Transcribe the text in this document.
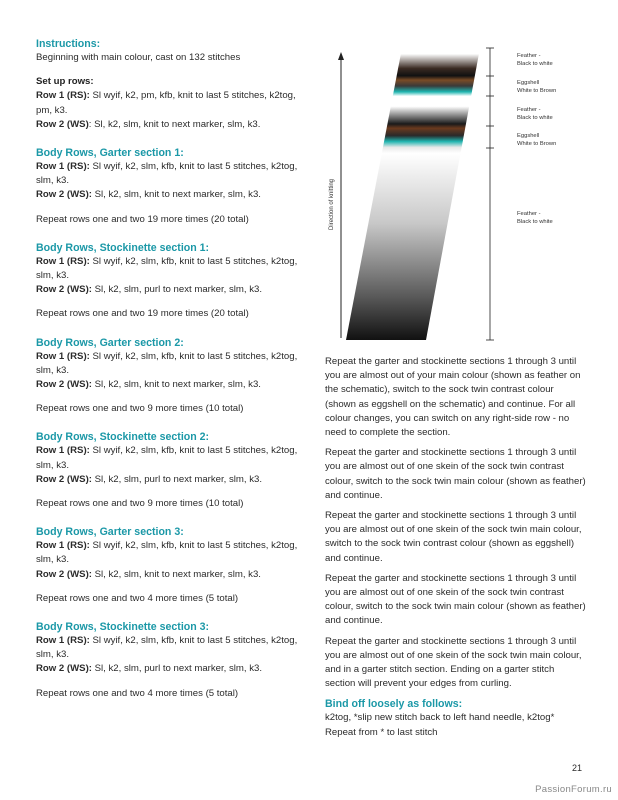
Instructions:

Beginning with main colour, cast on 132 stitches

Set up rows:

Row 1 (RS): Sl wyif, k2, pm, kfb, knit to last 5 stitches, k2tog, pm, k3.

Row 2 (WS): Sl, k2, slm, knit to next marker, slm, k3.

Body Rows, Garter section 1:

Row 1 (RS): Sl wyif, k2, slm, kfb, knit to last 5 stitches, k2tog, slm, k3.

Row 2 (WS): Sl, k2, slm, knit to next marker, slm, k3.

Repeat rows one and two 19 more times (20 total)

Body Rows, Stockinette section 1:

Row 1 (RS): Sl wyif, k2, slm, kfb, knit to last 5 stitches, k2tog, slm, k3.

Row 2 (WS): Sl, k2, slm, purl to next marker, slm, k3.

Repeat rows one and two 19 more times (20 total)

Body Rows, Garter section 2:

Row 1 (RS): Sl wyif, k2, slm, kfb, knit to last 5 stitches, k2tog, slm, k3.

Row 2 (WS): Sl, k2, slm, knit to next marker, slm, k3.

Repeat rows one and two 9 more times (10 total)

Body Rows, Stockinette section 2:

Row 1 (RS): Sl wyif, k2, slm, kfb, knit to last 5 stitches, k2tog, slm, k3.

Row 2 (WS): Sl, k2, slm, purl to next marker, slm, k3.

Repeat rows one and two 9 more times (10 total)

Body Rows, Garter section 3:

Row 1 (RS): Sl wyif, k2, slm, kfb, knit to last 5 stitches, k2tog, slm, k3.

Row 2 (WS): Sl, k2, slm, knit to next marker, slm, k3.

Repeat rows one and two 4 more times (5 total)

Body Rows, Stockinette section 3:

Row 1 (RS): Sl wyif, k2, slm, kfb, knit to last 5 stitches, k2tog, slm, k3.

Row 2 (WS): Sl, k2, slm, purl to next marker, slm, k3.

Repeat rows one and two 4 more times (5 total)

Direction of knitting
Feather -
Black to white
Eggshell
White to Brown
Feather -
Black to white
Eggshell
White to Brown
Feather -
Black to white

Repeat the garter and stockinette sections 1 through 3 until you are almost out of your main colour (shown as feather on the schematic), switch to the sock twin contrast colour (shown as eggshell on the schematic) and continue. For all colour changes, you can switch on any right-side row - no need to complete the section.

Repeat the garter and stockinette sections 1 through 3 until you are almost out of one skein of the sock twin contrast colour, switch to the sock twin main colour (shown as feather) and continue.

Repeat the garter and stockinette sections 1 through 3 until you are almost out of one skein of the sock twin main colour, switch to the sock twin contrast colour (shown as eggshell) and continue.

Repeat the garter and stockinette sections 1 through 3 until you are almost out of one skein of the sock twin contrast colour, switch to the sock twin main colour (shown as feather) and continue.

Repeat the garter and stockinette sections 1 through 3 until you are almost out of one skein of the sock twin main colour, and in a garter stitch section. Ending on a garter stitch section will prevent your edges from curling.

Bind off loosely as follows:

k2tog, *slip new stitch back to left hand needle, k2tog* Repeat from * to last stitch

21
PassionForum.ru
